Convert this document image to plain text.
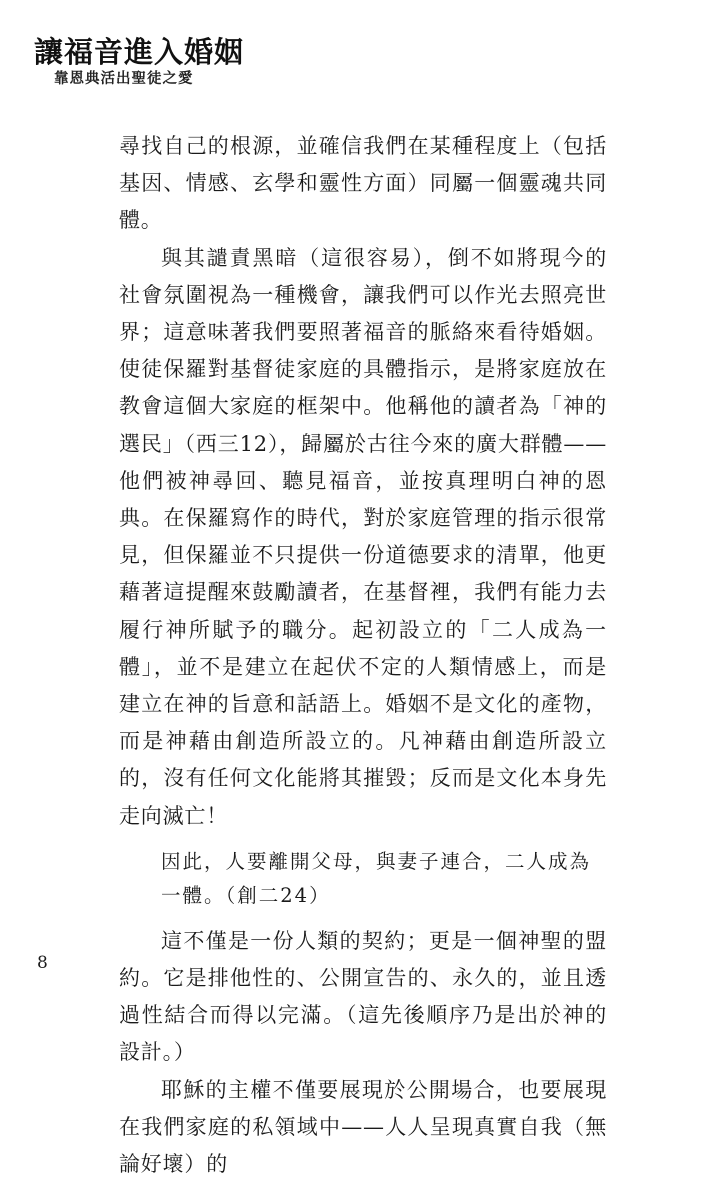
讓福音進入婚姻

靠恩典活出聖徒之愛

尋找自己的根源，並確信我們在某種程度上（包括基因、情感、玄學和靈性方面）同屬一個靈魂共同體。

與其譴責黑暗（這很容易），倒不如將現今的社會氛圍視為一種機會，讓我們可以作光去照亮世界；這意味著我們要照著福音的脈絡來看待婚姻。使徒保羅對基督徒家庭的具體指示，是將家庭放在教會這個大家庭的框架中。他稱他的讀者為「神的選民」（西三12），歸屬於古往今來的廣大群體——他們被神尋回、聽見福音，並按真理明白神的恩典。在保羅寫作的時代，對於家庭管理的指示很常見，但保羅並不只提供一份道德要求的清單，他更藉著這提醒來鼓勵讀者，在基督裡，我們有能力去履行神所賦予的職分。起初設立的「二人成為一體」，並不是建立在起伏不定的人類情感上，而是建立在神的旨意和話語上。婚姻不是文化的產物，而是神藉由創造所設立的。凡神藉由創造所設立的，沒有任何文化能將其摧毀；反而是文化本身先走向滅亡！

因此，人要離開父母，與妻子連合，二人成為一體。（創二24）

這不僅是一份人類的契約；更是一個神聖的盟約。它是排他性的、公開宣告的、永久的，並且透過性結合而得以完滿。（這先後順序乃是出於神的設計。）

耶穌的主權不僅要展現於公開場合，也要展現在我們家庭的私領域中——人人呈現真實自我（無論好壞）的

8
